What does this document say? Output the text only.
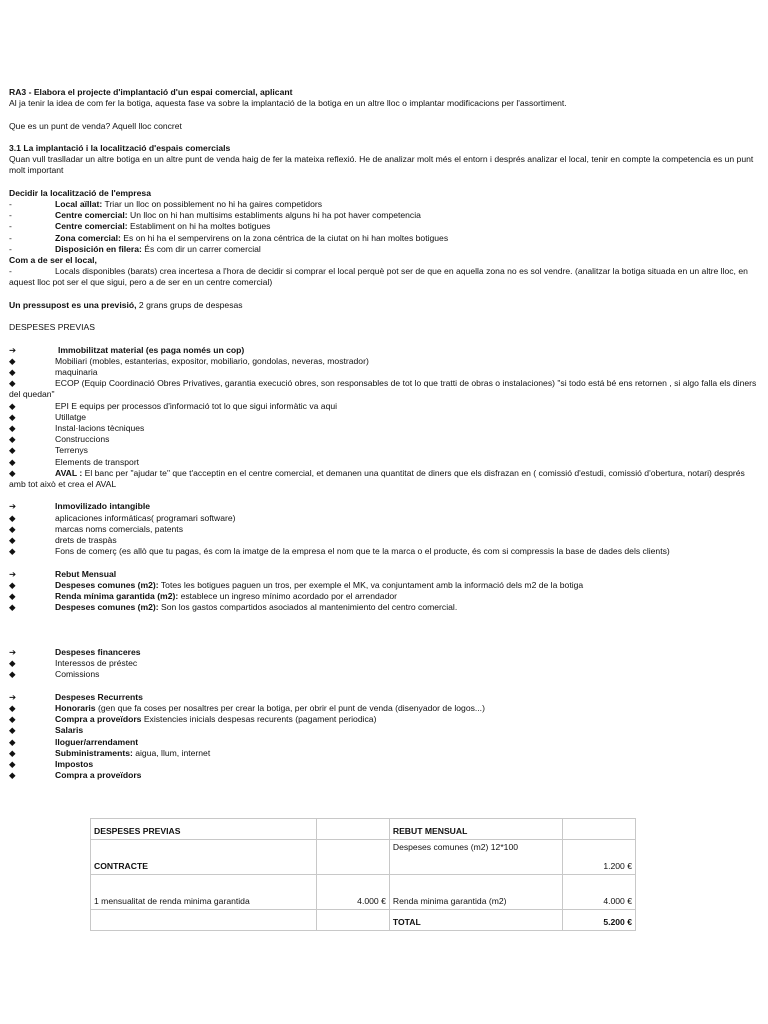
RA3 - Elabora el projecte d'implantació d'un espai comercial, aplicant

Al ja tenir la idea de com fer la botiga, aquesta fase va sobre la implantació de la botiga en un altre lloc o implantar modificacions per l'assortiment.

Que es un punt de venda? Aquell lloc concret

3.1 La implantació i la localització d'espais comercials

Quan vull traslladar un altre botiga en un altre punt de venda haig de fer la mateixa reflexió. He de analizar molt més el entorn i després analizar el local, tenir en compte la competencia es un punt molt important

Decidir la localització de l'empresa

-	Local aïllat: Triar un lloc on possiblement no hi ha gaires competidors
-	Centre comercial: Un lloc on hi han multisims establiments alguns hi ha pot haver competencia
-	Centre comercial: Establiment on hi ha moltes botigues
-	Zona comercial: Es on hi ha el sempervirens on la zona céntrica de la ciutat on hi han moltes botigues
-	Disposición en filera: És com dir un carrer comercial

Com a de ser el local,

-	Locals disponibles (barats) crea incertesa a l'hora de decidir si comprar el local perquè pot ser de que en aquella zona no es sol vendre. (analitzar la botiga situada en un altre lloc, en aquest lloc pot ser el que sigui, pero a de ser en un centre comercial)

Un pressupost es una previsió, 2 grans grups de despesas

DESPESES PREVIAS

➔	Immobilitzat material (es paga només un cop)
◆	Mobiliari (mobles, estanterias, expositor, mobiliario, gondolas, neveras, mostrador)
◆	maquinaria

◆	ECOP (Equip Coordinació Obres Privatives, garantia execució obres, son responsables de tot lo que tratti de obras o instalaciones) "si todo está bé ens retornen , si algo falla els diners del quedan"

◆	EPI E equips per processos d'informació tot lo que sigui informàtic va aqui
◆	Utillatge
◆	Instal·lacions tècniques
◆	Construccions
◆	Terrenys
◆	Elements de transport

◆	AVAL : El banc per "ajudar te" que t'acceptin en el centre comercial, et demanen una quantitat de diners que els disfrazan en ( comissió d'estudi, comissió d'obertura, notari) després amb tot això et crea el AVAL

➔	Inmovilizado intangible
◆	aplicaciones informáticas( programari software)
◆	marcas noms comercials, patents
◆	drets de traspàs
◆	Fons de comerç (es allò que tu pagas, és com la imatge de la empresa el nom que te la marca o el producte, és com si compressis la base de dades dels clients)
➔	Rebut Mensual
◆	Despeses comunes (m2): Totes les botigues paguen un tros, per exemple el MK, va conjuntament amb la informació dels m2 de la botiga
◆	Renda mínima garantida (m2): establece un ingreso mínimo acordado por el arrendador
◆	Despeses comunes (m2): Son los gastos compartidos asociados al mantenimiento del centro comercial.
➔	Despeses financeres
◆	Interessos de préstec
◆	Comissions
➔	Despeses Recurrents
◆	Honoraris (gen que fa coses per nosaltres per crear la botiga, per obrir el punt de venda (disenyador de logos...)
◆	Compra a proveïdors Existencies inicials despesas recurents (pagament periodica)
◆	Salaris
◆	lloguer/arrendament
◆	Subministraments: aigua, llum, internet
◆	Impostos
◆	Compra a proveïdors
DESPESES PREVIAS		REBUT MENSUAL	
CONTRACTE		Despeses comunes (m2) 12*100	1.200 €
1 mensualitat de renda minima garantida	4.000 €	Renda minima garantida (m2)	4.000 €
		TOTAL	5.200 €
